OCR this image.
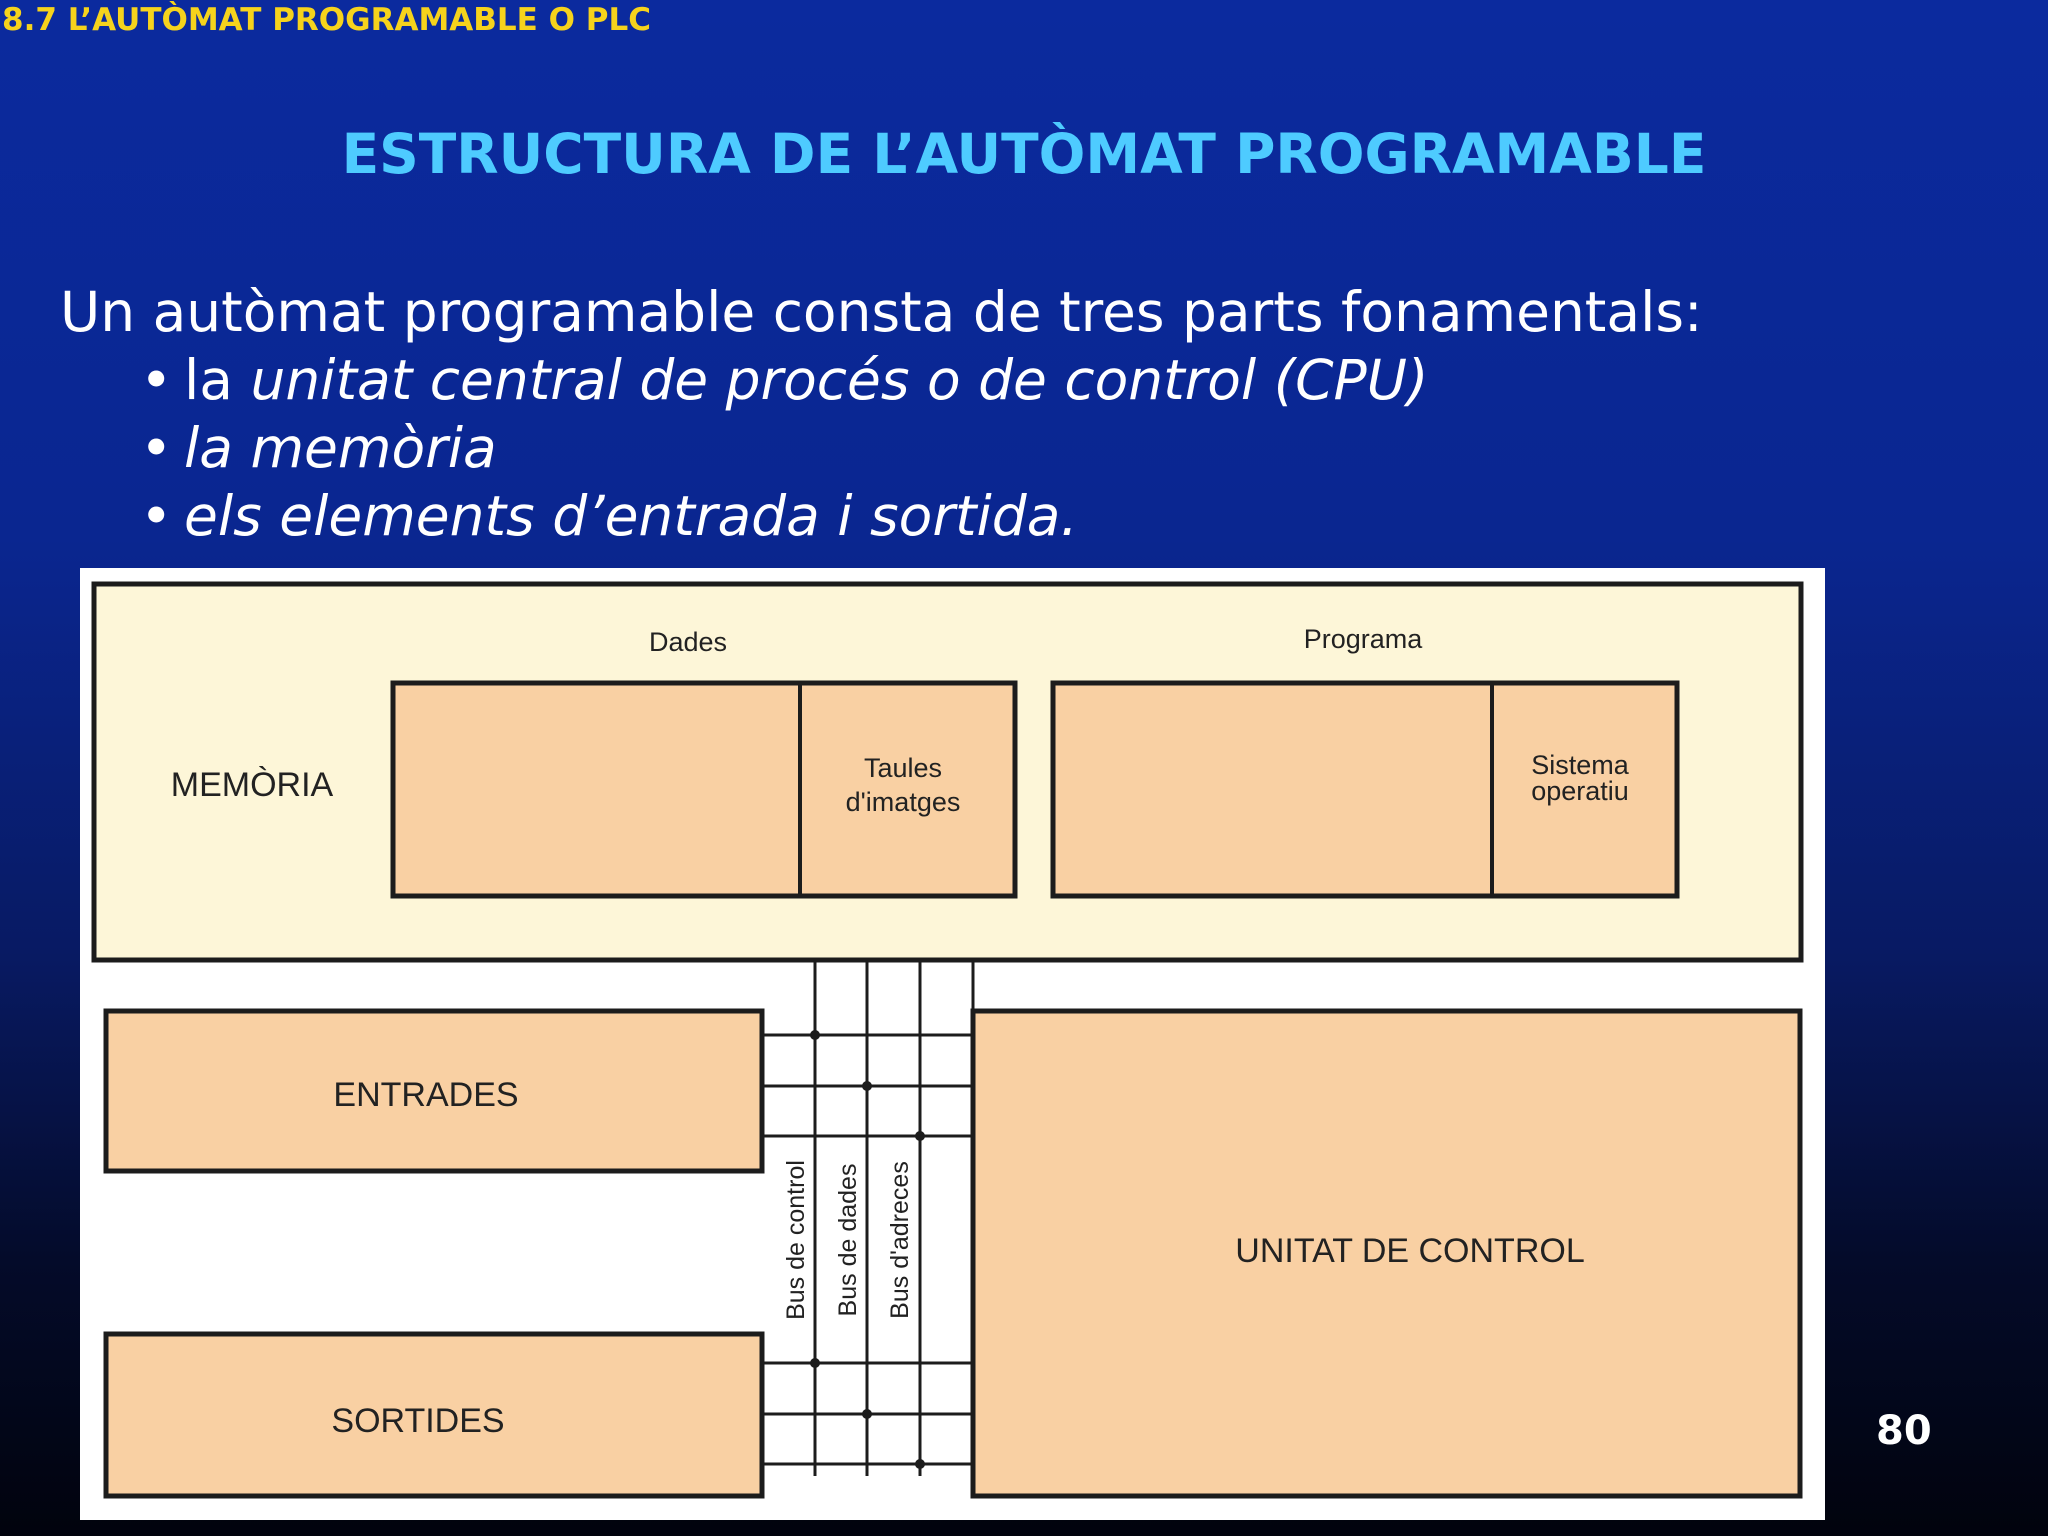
8.7 L’AUTÒMAT PROGRAMABLE O PLC
ESTRUCTURA DE L’AUTÒMAT PROGRAMABLE
Un autòmat programable consta de tres parts fonamentals:
• la unitat central de procés o de control (CPU)
• la memòria
• els elements d’entrada i sortida.
MEMÒRIA
Dades	Programa
Taules
d'imatges
Sistema
operatiu
ENTRADES
SORTIDES
UNITAT DE CONTROL
Bus de control Bus de dades Bus d'adreces
80
